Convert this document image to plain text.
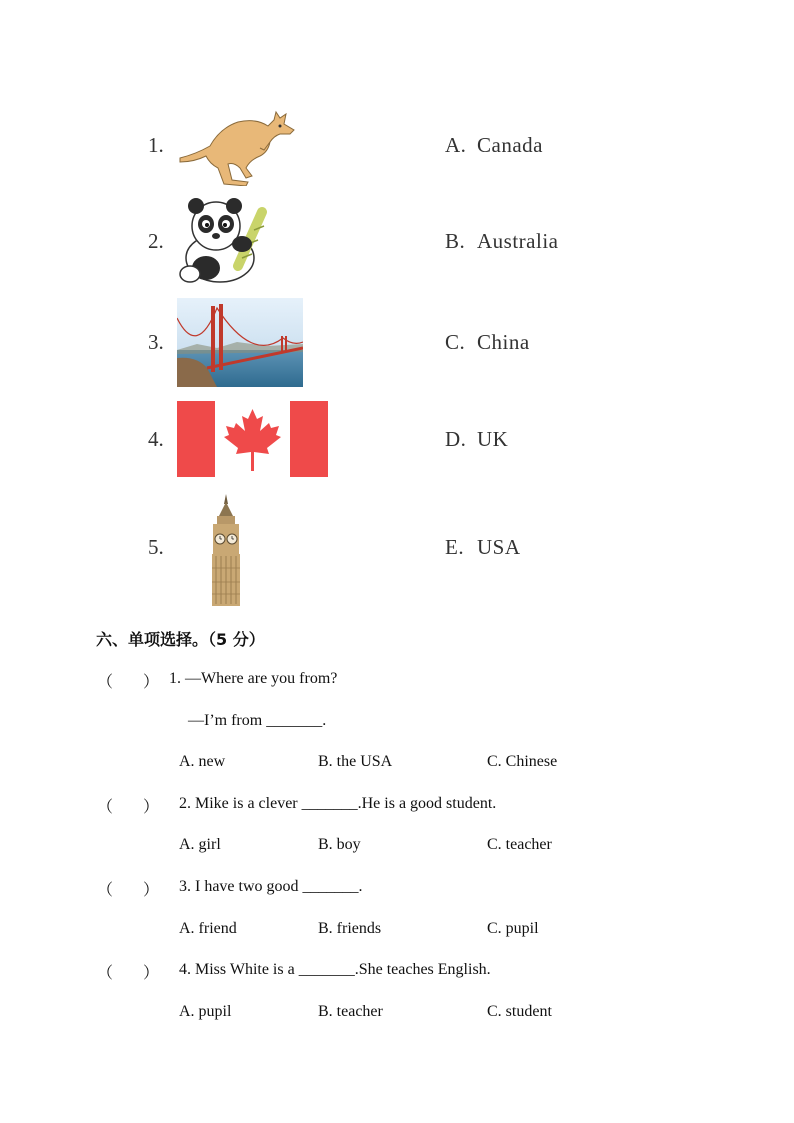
1.
2.
3.
4.
5.
A. Canada
B. Australia
C. China
D. UK
E. USA
六、单项选择。（5 分）
（ ） 1. —Where are you from?
—I’m from _______.
A. new	B. the USA	C. Chinese
（ ） 2. Mike is a clever _______.He is a good student.
A. girl	B. boy	C. teacher
（ ） 3. I have two good _______.
A. friend	B. friends	C. pupil
（ ） 4. Miss White is a _______.She teaches English.
A. pupil	B. teacher	C. student
